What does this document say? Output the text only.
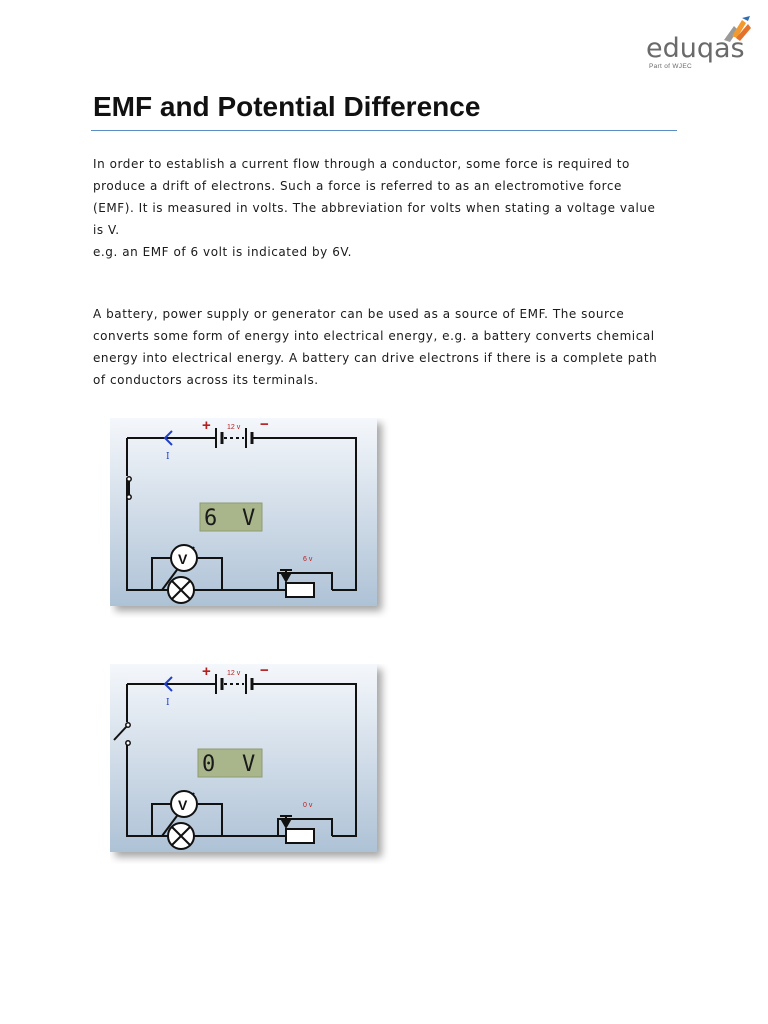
eduqas
Part of WJEC
EMF and Potential Difference

In order to establish a current flow through a conductor, some force is required to
produce a drift of electrons. Such a force is referred to as an electromotive force
(EMF). It is measured in volts. The abbreviation for volts when stating a voltage value
is V.
e.g. an EMF of 6 volt is indicated by 6V.

A battery, power supply or generator can be used as a source of EMF. The source
converts some form of energy into electrical energy, e.g. a battery converts chemical
energy into electrical energy. A battery can drive electrons if there is a complete path
of conductors across its terminals.

+	−
12 v
I
6 V
V	6 v
+	−
12 v
I
0 V
V	0 v
